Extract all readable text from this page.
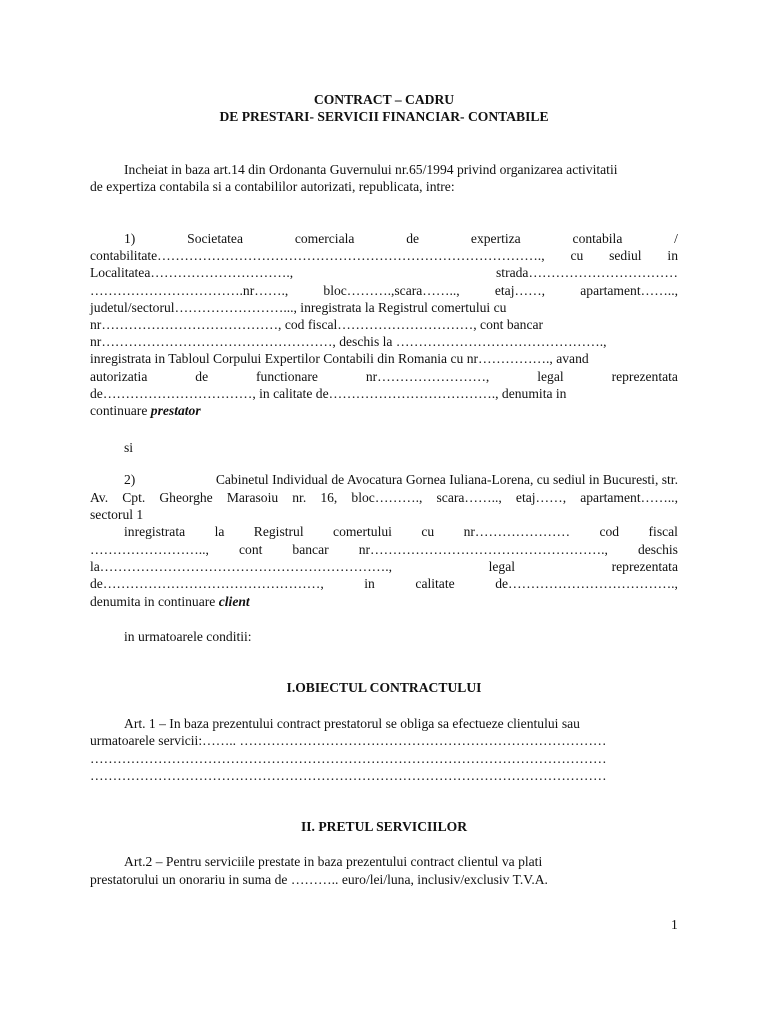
CONTRACT – CADRU
DE PRESTARI- SERVICII FINANCIAR- CONTABILE
Incheiat in baza art.14 din Ordonanta Guvernului nr.65/1994 privind organizarea activitatii
de expertiza contabila si a contabililor autorizati, republicata, intre:
1)	Societatea	comerciala	de	expertiza	contabila	/
contabilitate…………………………………………………………………………., cu sediul in
Localitatea………………………….,	strada……………………………
…………………………….nr…….,	bloc……….,scara……..,	etaj……,	apartament……..,
judetul/sectorul……………………..., inregistrata la Registrul comertului cu
nr…………………………………, cod fiscal…………………………, cont bancar
nr……………………………………………, deschis la ……………………………………….,
inregistrata in Tabloul Corpului Expertilor Contabili din Romania cu nr……………., avand
autorizatia	de	functionare	nr……………………,	legal	reprezentata
de……………………………, in calitate de………………………………., denumita in
continuare prestator
si
2)	Cabinetul Individual de Avocatura Gornea Iuliana-Lorena, cu sediul in Bucuresti, str.
Av. Cpt. Gheorghe Marasoiu nr. 16, bloc………., scara…….., etaj……, apartament……..,
sectorul 1
inregistrata la Registrul comertului cu nr………………… cod fiscal
…………………….., cont bancar nr……………………………………………., deschis
la……………………………………………………….,	legal	reprezentata
de…………………………………………,	in	calitate	de……………………………….,
denumita in continuare client
in urmatoarele conditii:
I.OBIECTUL CONTRACTULUI
Art. 1 – In baza prezentului contract prestatorul se obliga sa efectueze clientului sau
urmatoarele servicii:…….. ………………………………………………………………………
……………………………………………………………………………………………………
……………………………………………………………………………………………………
II. PRETUL SERVICIILOR
Art.2 – Pentru serviciile prestate in baza prezentului contract clientul va plati
prestatorului un onorariu in suma de ……….. euro/lei/luna, inclusiv/exclusiv T.V.A.
1
